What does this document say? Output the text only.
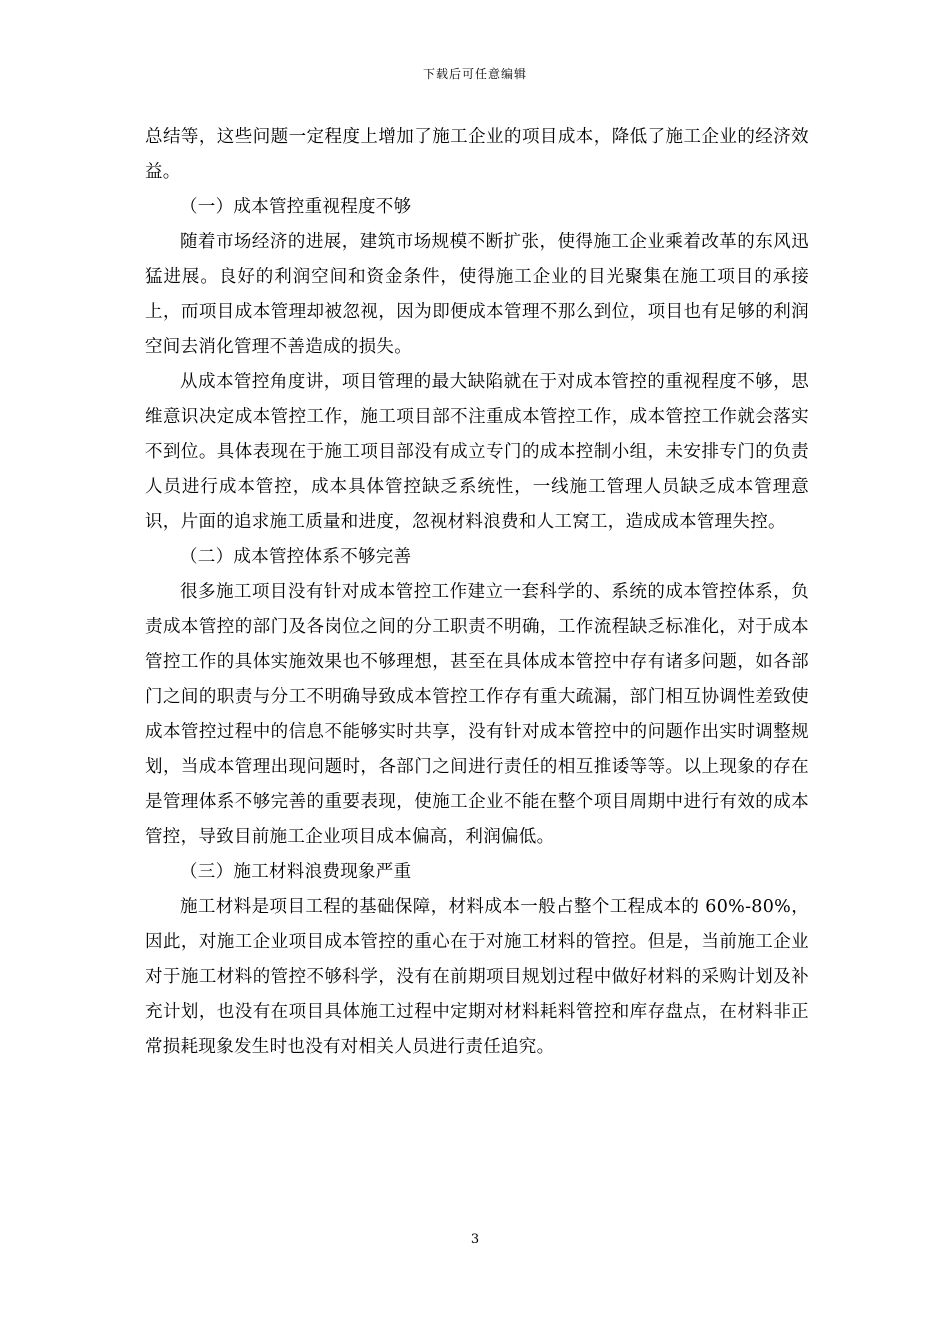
下载后可任意编辑

总结等，这些问题一定程度上增加了施工企业的项目成本，降低了施工企业的经济效益。

（一）成本管控重视程度不够

随着市场经济的进展，建筑市场规模不断扩张，使得施工企业乘着改革的东风迅猛进展。良好的利润空间和资金条件，使得施工企业的目光聚集在施工项目的承接上，而项目成本管理却被忽视，因为即便成本管理不那么到位，项目也有足够的利润空间去消化管理不善造成的损失。

从成本管控角度讲，项目管理的最大缺陷就在于对成本管控的重视程度不够，思维意识决定成本管控工作，施工项目部不注重成本管控工作，成本管控工作就会落实不到位。具体表现在于施工项目部没有成立专门的成本控制小组，未安排专门的负责人员进行成本管控，成本具体管控缺乏系统性，一线施工管理人员缺乏成本管理意识，片面的追求施工质量和进度，忽视材料浪费和人工窝工，造成成本管理失控。

（二）成本管控体系不够完善

很多施工项目没有针对成本管控工作建立一套科学的、系统的成本管控体系，负责成本管控的部门及各岗位之间的分工职责不明确，工作流程缺乏标准化，对于成本管控工作的具体实施效果也不够理想，甚至在具体成本管控中存有诸多问题，如各部门之间的职责与分工不明确导致成本管控工作存有重大疏漏，部门相互协调性差致使成本管控过程中的信息不能够实时共享，没有针对成本管控中的问题作出实时调整规划，当成本管理出现问题时，各部门之间进行责任的相互推诿等等。以上现象的存在是管理体系不够完善的重要表现，使施工企业不能在整个项目周期中进行有效的成本管控，导致目前施工企业项目成本偏高，利润偏低。

（三）施工材料浪费现象严重

施工材料是项目工程的基础保障，材料成本一般占整个工程成本的 60%-80%，因此，对施工企业项目成本管控的重心在于对施工材料的管控。但是，当前施工企业对于施工材料的管控不够科学，没有在前期项目规划过程中做好材料的采购计划及补充计划，也没有在项目具体施工过程中定期对材料耗料管控和库存盘点，在材料非正常损耗现象发生时也没有对相关人员进行责任追究。

3
